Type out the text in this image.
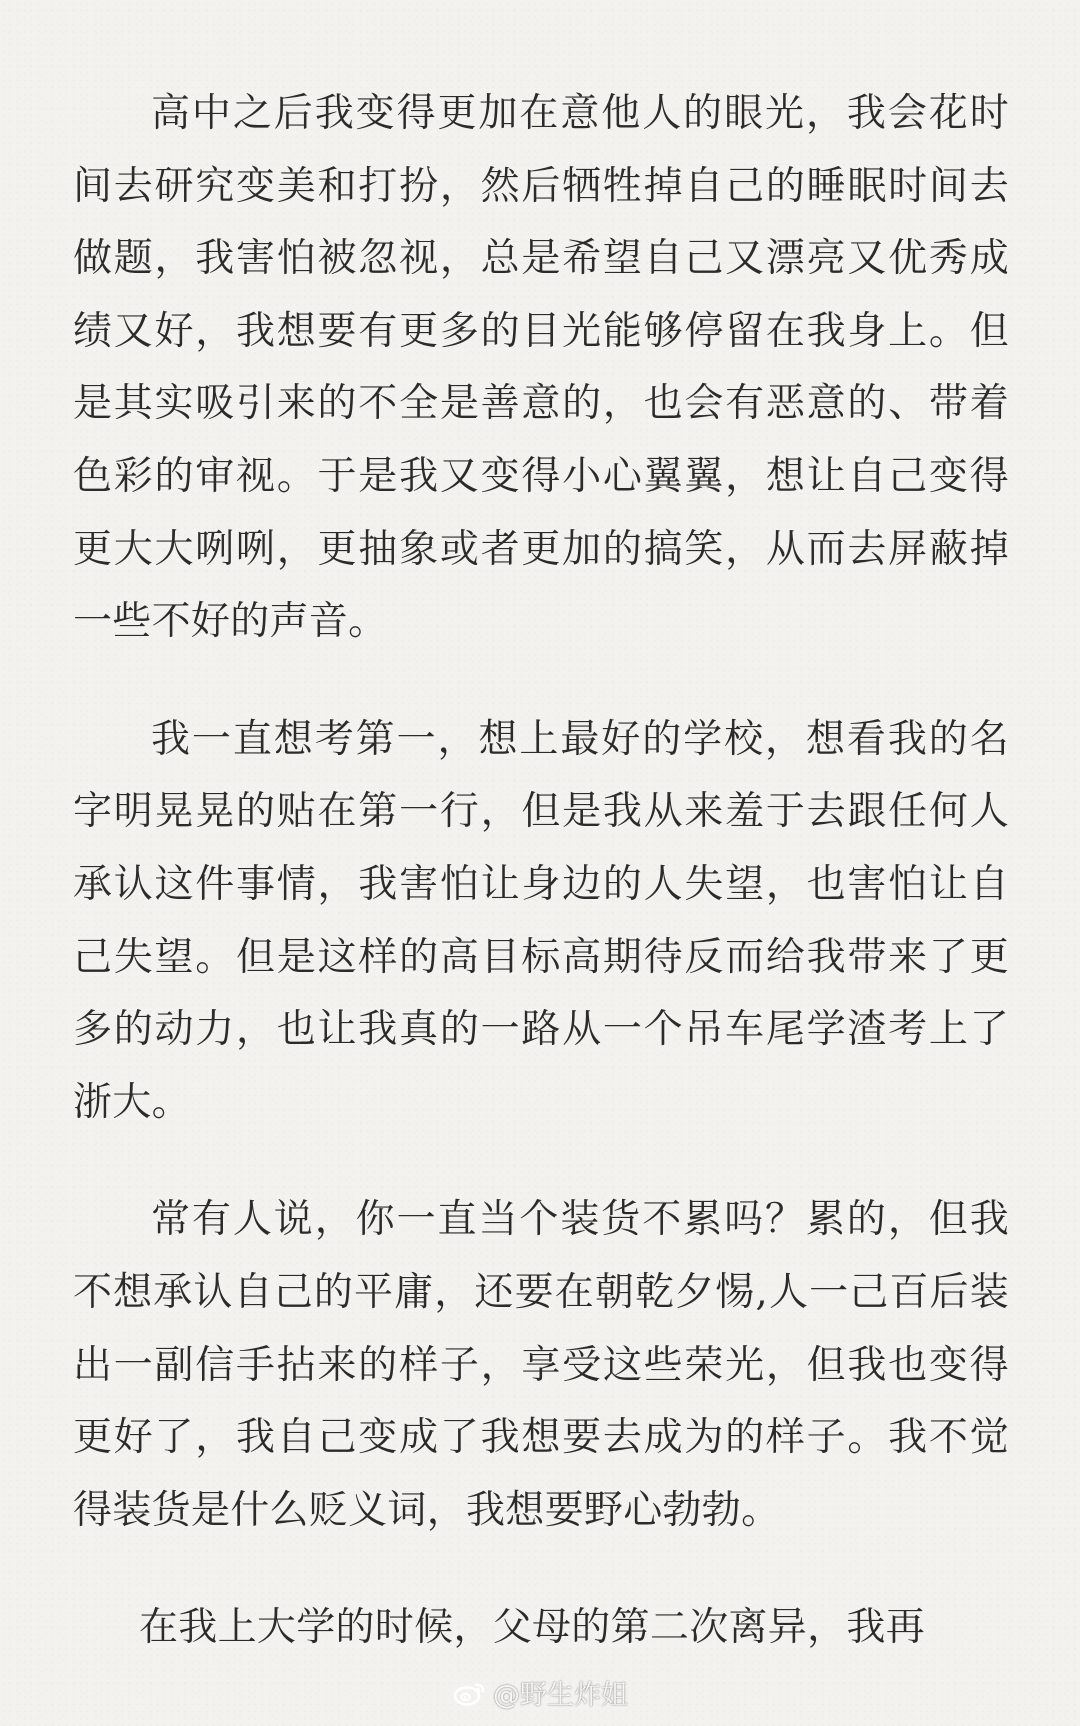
高中之后我变得更加在意他人的眼光，我会花时间去研究变美和打扮，然后牺牲掉自己的睡眠时间去做题，我害怕被忽视，总是希望自己又漂亮又优秀成绩又好，我想要有更多的目光能够停留在我身上。但是其实吸引来的不全是善意的，也会有恶意的、带着色彩的审视。于是我又变得小心翼翼，想让自己变得更大大咧咧，更抽象或者更加的搞笑，从而去屏蔽掉一些不好的声音。

我一直想考第一，想上最好的学校，想看我的名字明晃晃的贴在第一行，但是我从来羞于去跟任何人承认这件事情，我害怕让身边的人失望，也害怕让自己失望。但是这样的高目标高期待反而给我带来了更多的动力，也让我真的一路从一个吊车尾学渣考上了浙大。

常有人说，你一直当个装货不累吗？累的，但我不想承认自己的平庸，还要在朝乾夕惕,人一己百后装出一副信手拈来的样子，享受这些荣光，但我也变得更好了，我自己变成了我想要去成为的样子。我不觉得装货是什么贬义词，我想要野心勃勃。

在我上大学的时候，父母的第二次离异，我再

@野生炸姐
